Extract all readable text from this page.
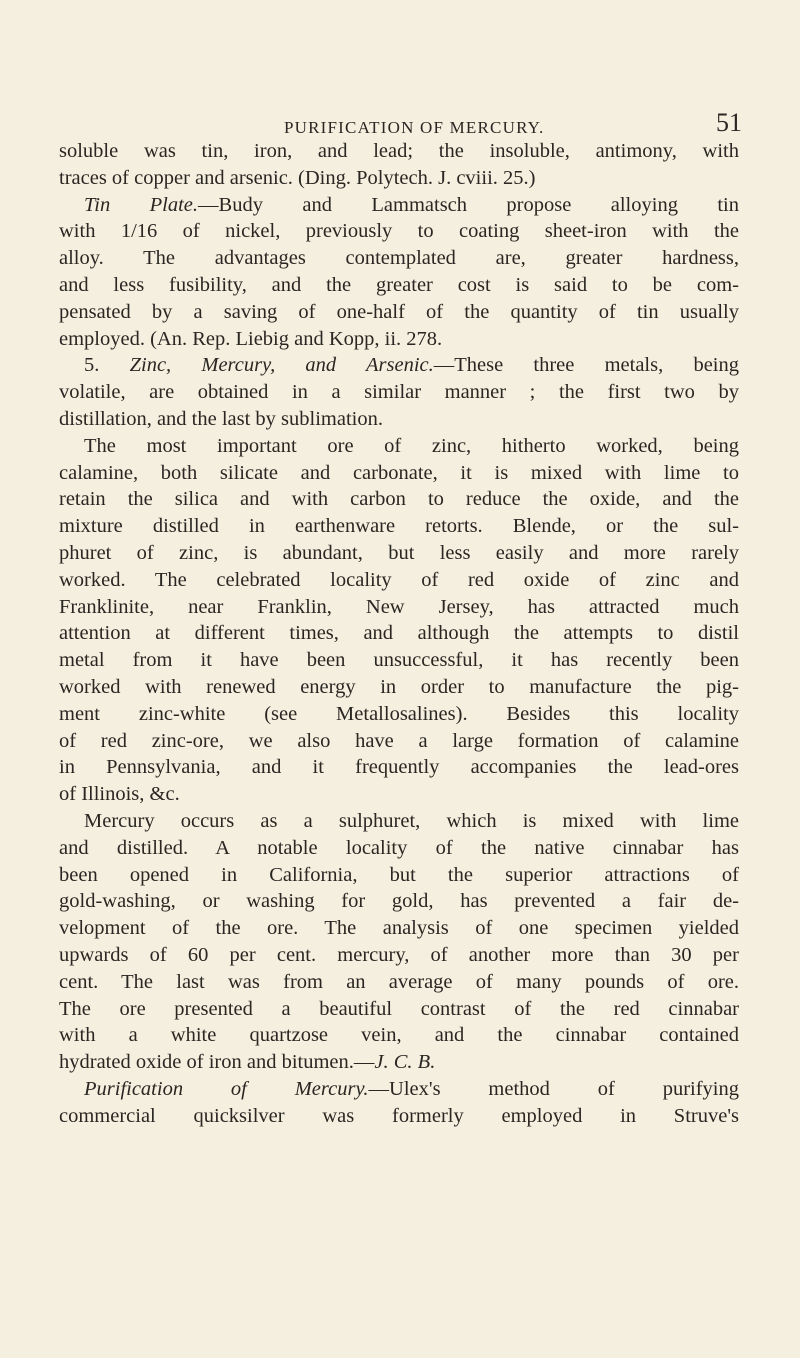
PURIFICATION OF MERCURY.	51
soluble was tin, iron, and lead; the insoluble, antimony, with
traces of copper and arsenic. (Ding. Polytech. J. cviii. 25.)
Tin Plate.—Budy and Lammatsch propose alloying tin
with 1/16 of nickel, previously to coating sheet-iron with the
alloy. The advantages contemplated are, greater hardness,
and less fusibility, and the greater cost is said to be com-
pensated by a saving of one-half of the quantity of tin usually
employed. (An. Rep. Liebig and Kopp, ii. 278.
5. Zinc, Mercury, and Arsenic.—These three metals, being
volatile, are obtained in a similar manner ; the first two by
distillation, and the last by sublimation.
The most important ore of zinc, hitherto worked, being
calamine, both silicate and carbonate, it is mixed with lime to
retain the silica and with carbon to reduce the oxide, and the
mixture distilled in earthenware retorts. Blende, or the sul-
phuret of zinc, is abundant, but less easily and more rarely
worked. The celebrated locality of red oxide of zinc and
Franklinite, near Franklin, New Jersey, has attracted much
attention at different times, and although the attempts to distil
metal from it have been unsuccessful, it has recently been
worked with renewed energy in order to manufacture the pig-
ment zinc-white (see Metallosalines). Besides this locality
of red zinc-ore, we also have a large formation of calamine
in Pennsylvania, and it frequently accompanies the lead-ores
of Illinois, &c.
Mercury occurs as a sulphuret, which is mixed with lime
and distilled. A notable locality of the native cinnabar has
been opened in California, but the superior attractions of
gold-washing, or washing for gold, has prevented a fair de-
velopment of the ore. The analysis of one specimen yielded
upwards of 60 per cent. mercury, of another more than 30 per
cent. The last was from an average of many pounds of ore.
The ore presented a beautiful contrast of the red cinnabar
with a white quartzose vein, and the cinnabar contained
hydrated oxide of iron and bitumen.—J. C. B.
Purification of Mercury.—Ulex's method of purifying
commercial quicksilver was formerly employed in Struve's
